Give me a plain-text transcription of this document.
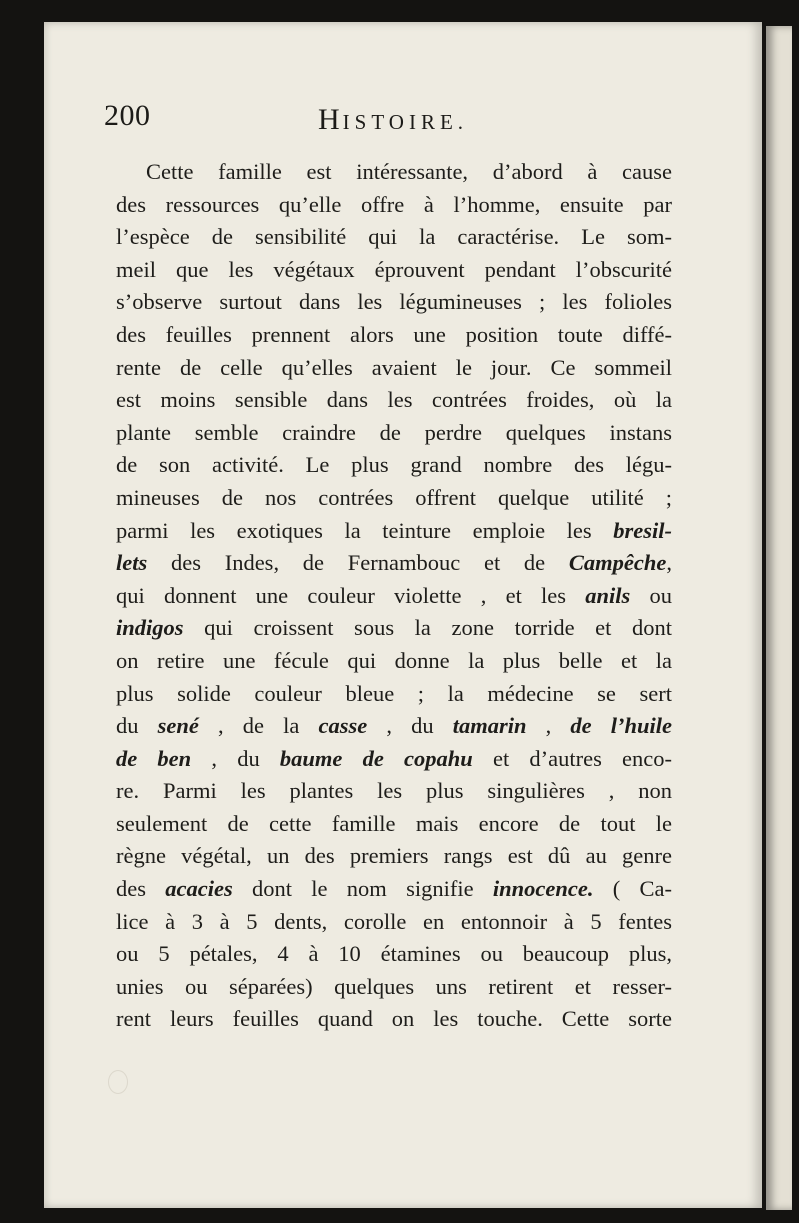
200	HISTOIRE.
Cette famille est intéressante, d’abord à cause
des ressources qu’elle offre à l’homme, ensuite par
l’espèce de sensibilité qui la caractérise. Le som-
meil que les végétaux éprouvent pendant l’obscurité
s’observe surtout dans les légumineuses ; les folioles
des feuilles prennent alors une position toute diffé-
rente de celle qu’elles avaient le jour. Ce sommeil
est moins sensible dans les contrées froides, où la
plante semble craindre de perdre quelques instans
de son activité. Le plus grand nombre des légu-
mineuses de nos contrées offrent quelque utilité ;
parmi les exotiques la teinture emploie les bresil-
lets des Indes, de Fernambouc et de Campêche,
qui donnent une couleur violette , et les anils ou
indigos qui croissent sous la zone torride et dont
on retire une fécule qui donne la plus belle et la
plus solide couleur bleue ; la médecine se sert
du sené , de la casse , du tamarin , de l’huile
de ben , du baume de copahu et d’autres enco-
re. Parmi les plantes les plus singulières , non
seulement de cette famille mais encore de tout le
règne végétal, un des premiers rangs est dû au genre
des acacies dont le nom signifie innocence. ( Ca-
lice à 3 à 5 dents, corolle en entonnoir à 5 fentes
ou 5 pétales, 4 à 10 étamines ou beaucoup plus,
unies ou séparées) quelques uns retirent et resser-
rent leurs feuilles quand on les touche. Cette sorte
